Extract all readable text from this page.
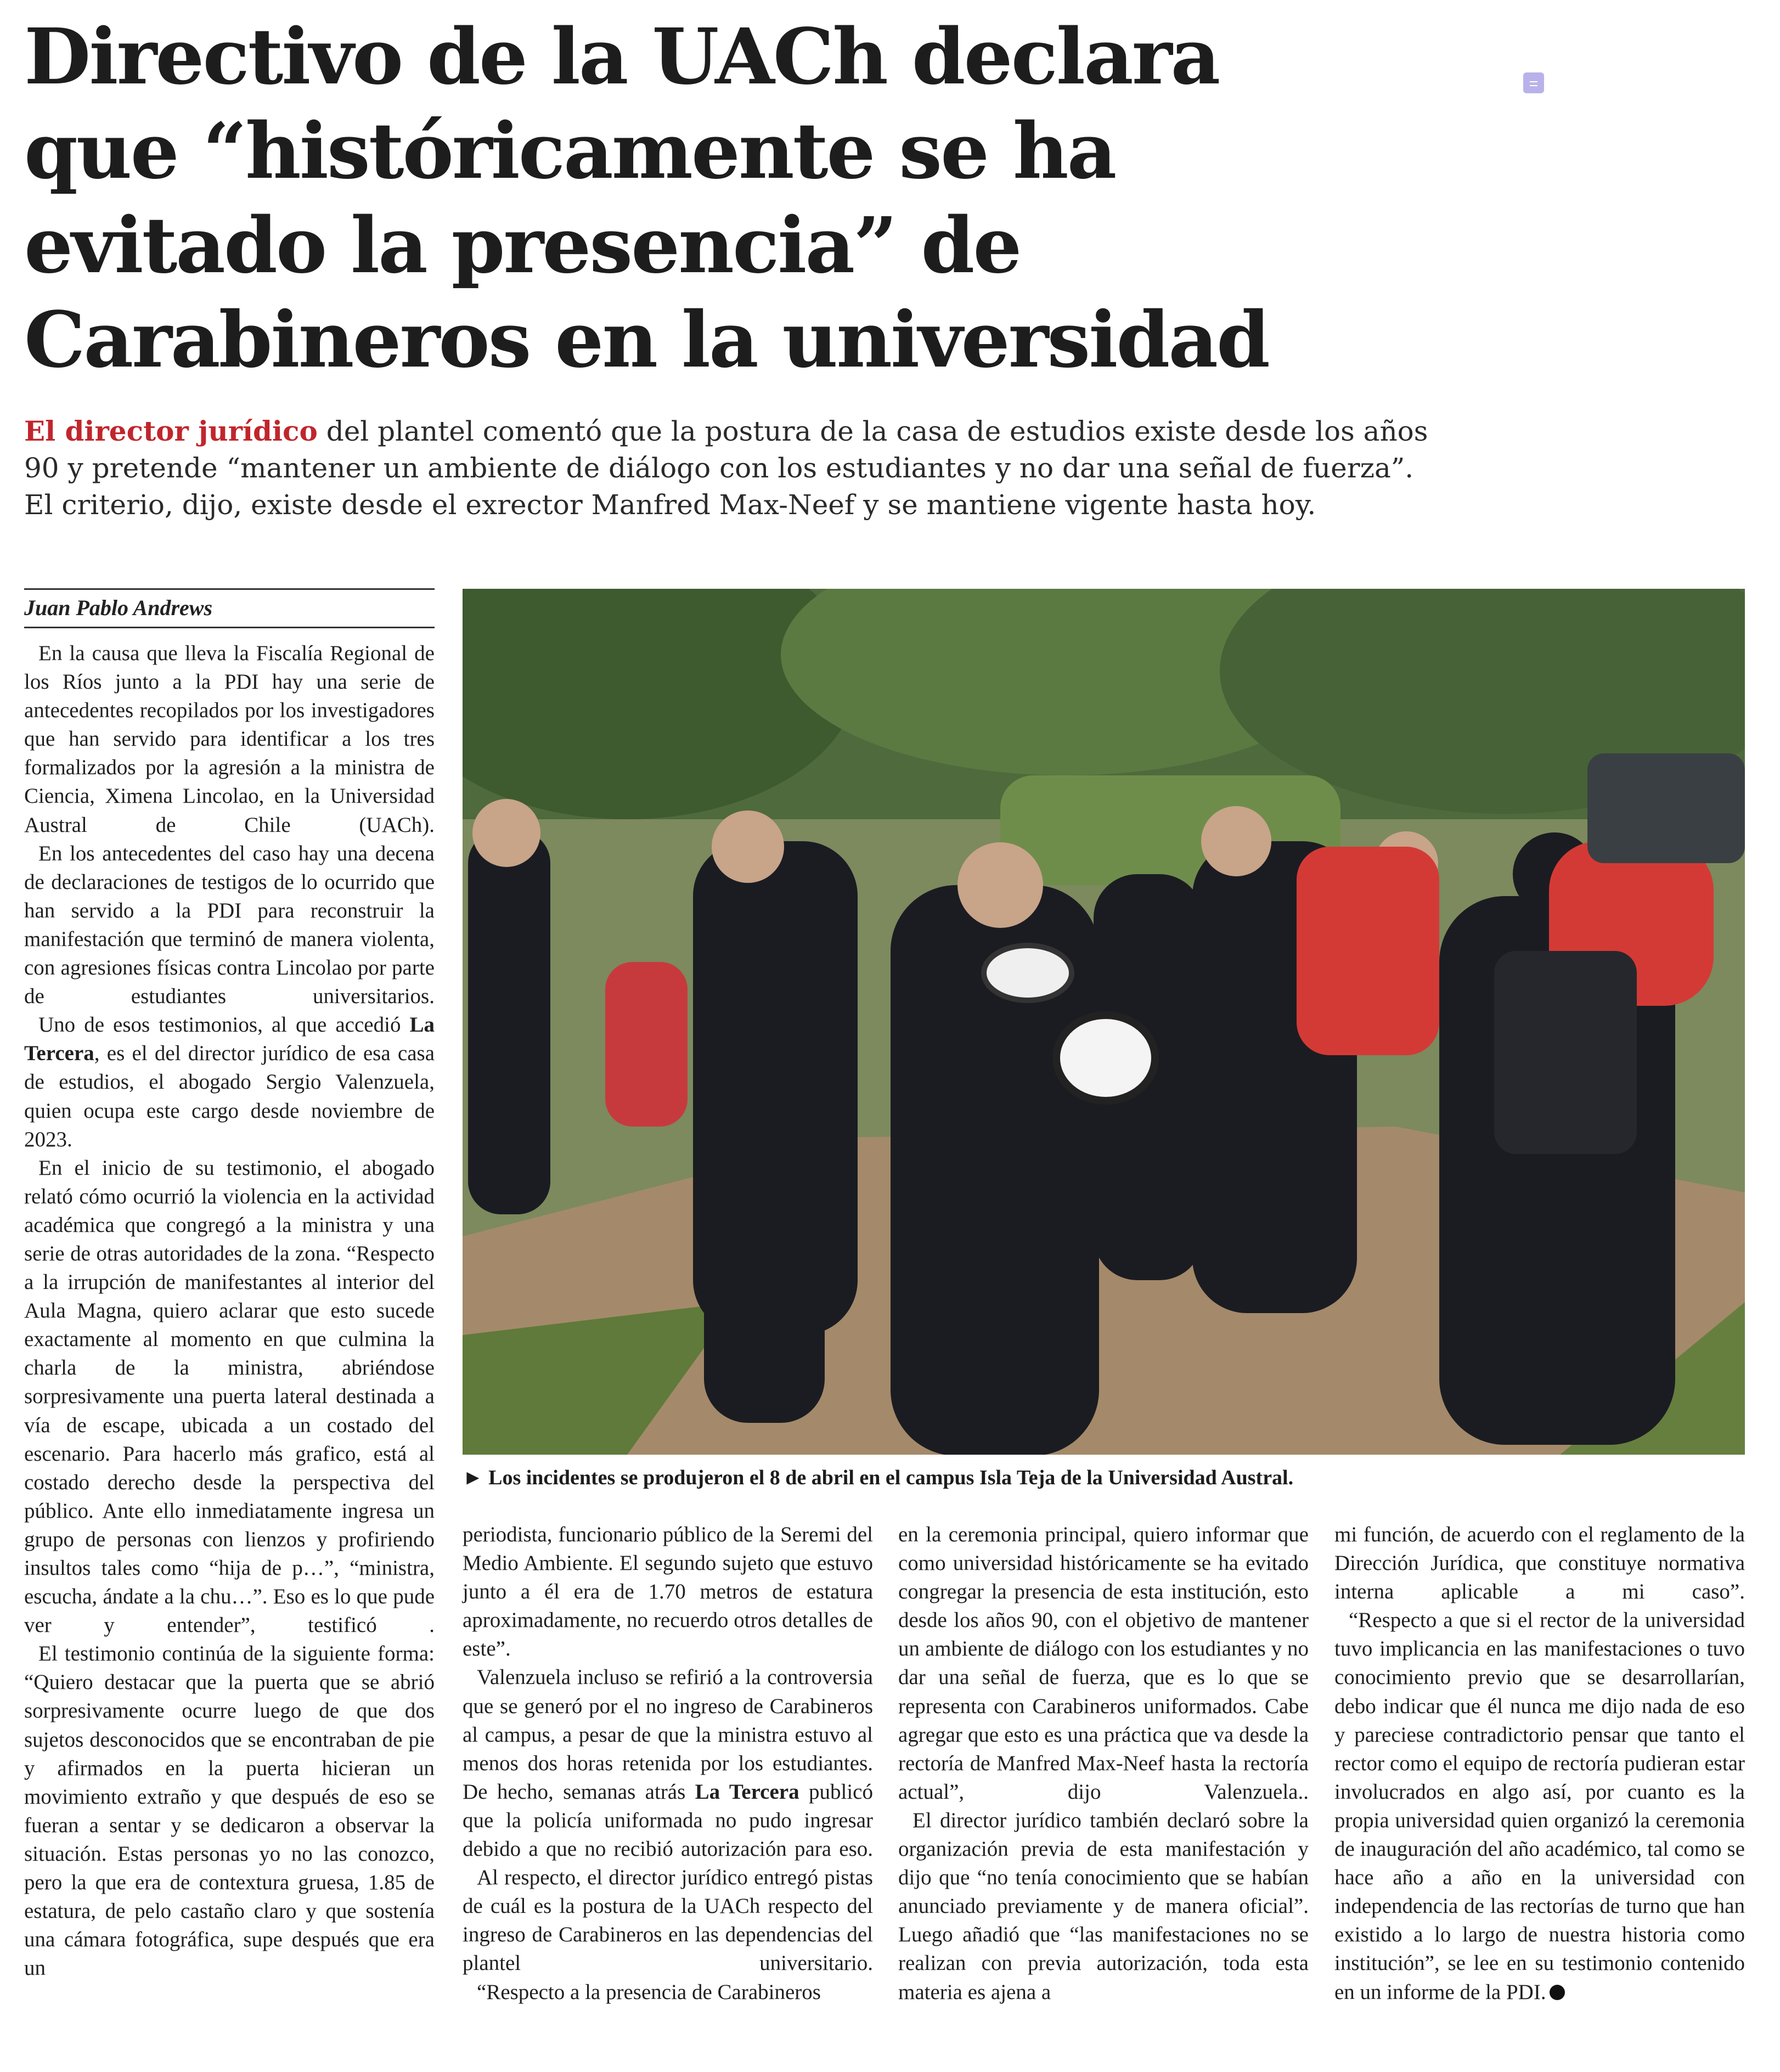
Directivo de la UACh declara
que “históricamente se ha
evitado la presencia” de
Carabineros en la universidad
El director jurídico del plantel comentó que la postura de la casa de estudios existe desde los años
90 y pretende “mantener un ambiente de diálogo con los estudiantes y no dar una señal de fuerza”.
El criterio, dijo, existe desde el exrector Manfred Max-Neef y se mantiene vigente hasta hoy.
Juan Pablo Andrews
► Los incidentes se produjeron el 8 de abril en el campus Isla Teja de la Universidad Austral.

En la causa que lleva la Fiscalía Regional de los Ríos junto a la PDI hay una serie de antecedentes recopilados por los investigadores que han servido para identificar a los tres formalizados por la agresión a la ministra de Ciencia, Ximena Lincolao, en la Universidad Austral de Chile (UACh).

En los antecedentes del caso hay una decena de declaraciones de testigos de lo ocurrido que han servido a la PDI para reconstruir la manifestación que terminó de manera violenta, con agresiones físicas contra Lincolao por parte de estudiantes universitarios.

Uno de esos testimonios, al que accedió La Tercera, es el del director jurídico de esa casa de estudios, el abogado Sergio Valenzuela, quien ocupa este cargo desde noviembre de 2023.

En el inicio de su testimonio, el abogado relató cómo ocurrió la violencia en la actividad académica que congregó a la ministra y una serie de otras autoridades de la zona. “Respecto a la irrupción de manifestantes al interior del Aula Magna, quiero aclarar que esto sucede exactamente al momento en que culmina la charla de la ministra, abriéndose sorpresivamente una puerta lateral destinada a vía de escape, ubicada a un costado del escenario. Para hacerlo más grafico, está al costado derecho desde la perspectiva del público. Ante ello inmediatamente ingresa un grupo de personas con lienzos y profiriendo insultos tales como “hija de p…”, “ministra, escucha, ándate a la chu…”. Eso es lo que pude ver y entender”, testificó .

El testimonio continúa de la siguiente forma: “Quiero destacar que la puerta que se abrió sorpresivamente ocurre luego de que dos sujetos desconocidos que se encontraban de pie y afirmados en la puerta hicieran un movimiento extraño y que después de eso se fueran a sentar y se dedicaron a observar la situación. Estas personas yo no las conozco, pero la que era de contextura gruesa, 1.85 de estatura, de pelo castaño claro y que sostenía una cámara fotográfica, supe después que era un

periodista, funcionario público de la Seremi del Medio Ambiente. El segundo sujeto que estuvo junto a él era de 1.70 metros de estatura aproximadamente, no recuerdo otros detalles de este”.

Valenzuela incluso se refirió a la controversia que se generó por el no ingreso de Carabineros al campus, a pesar de que la ministra estuvo al menos dos horas retenida por los estudiantes. De hecho, semanas atrás La Tercera publicó que la policía uniformada no pudo ingresar debido a que no recibió autorización para eso.

Al respecto, el director jurídico entregó pistas de cuál es la postura de la UACh respecto del ingreso de Carabineros en las dependencias del plantel universitario.

“Respecto a la presencia de Carabineros

en la ceremonia principal, quiero informar que como universidad históricamente se ha evitado congregar la presencia de esta institución, esto desde los años 90, con el objetivo de mantener un ambiente de diálogo con los estudiantes y no dar una señal de fuerza, que es lo que se representa con Carabineros uniformados. Cabe agregar que esto es una práctica que va desde la rectoría de Manfred Max-Neef hasta la rectoría actual”, dijo Valenzuela..

El director jurídico también declaró sobre la organización previa de esta manifestación y dijo que “no tenía conocimiento que se habían anunciado previamente y de manera oficial”. Luego añadió que “las manifestaciones no se realizan con previa autorización, toda esta materia es ajena a

mi función, de acuerdo con el reglamento de la Dirección Jurídica, que constituye normativa interna aplicable a mi caso”.

“Respecto a que si el rector de la universidad tuvo implicancia en las manifestaciones o tuvo conocimiento previo que se desarrollarían, debo indicar que él nunca me dijo nada de eso y pareciese contradictorio pensar que tanto el rector como el equipo de rectoría pudieran estar involucrados en algo así, por cuanto es la propia universidad quien organizó la ceremonia de inauguración del año académico, tal como se hace año a año en la universidad con independencia de las rectorías de turno que han existido a lo largo de nuestra historia como institución”, se lee en su testimonio contenido en un informe de la PDI.
